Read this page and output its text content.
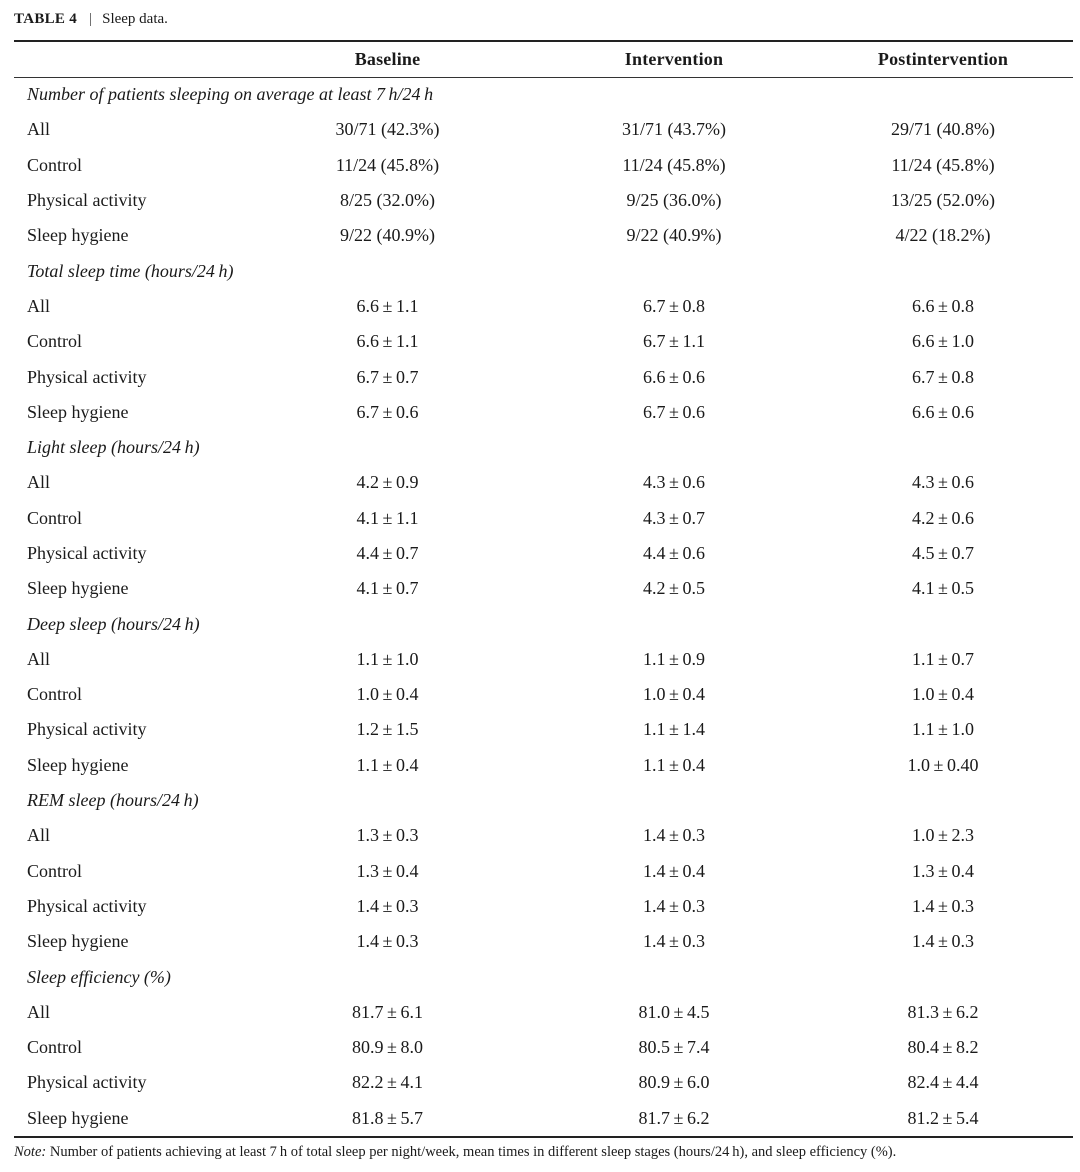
TABLE 4 | Sleep data.
	Baseline	Intervention	Postintervention
Number of patients sleeping on average at least 7 h/24 h			
All	30/71 (42.3%)	31/71 (43.7%)	29/71 (40.8%)
Control	11/24 (45.8%)	11/24 (45.8%)	11/24 (45.8%)
Physical activity	8/25 (32.0%)	9/25 (36.0%)	13/25 (52.0%)
Sleep hygiene	9/22 (40.9%)	9/22 (40.9%)	4/22 (18.2%)
Total sleep time (hours/24 h)			
All	6.6 ± 1.1	6.7 ± 0.8	6.6 ± 0.8
Control	6.6 ± 1.1	6.7 ± 1.1	6.6 ± 1.0
Physical activity	6.7 ± 0.7	6.6 ± 0.6	6.7 ± 0.8
Sleep hygiene	6.7 ± 0.6	6.7 ± 0.6	6.6 ± 0.6
Light sleep (hours/24 h)			
All	4.2 ± 0.9	4.3 ± 0.6	4.3 ± 0.6
Control	4.1 ± 1.1	4.3 ± 0.7	4.2 ± 0.6
Physical activity	4.4 ± 0.7	4.4 ± 0.6	4.5 ± 0.7
Sleep hygiene	4.1 ± 0.7	4.2 ± 0.5	4.1 ± 0.5
Deep sleep (hours/24 h)			
All	1.1 ± 1.0	1.1 ± 0.9	1.1 ± 0.7
Control	1.0 ± 0.4	1.0 ± 0.4	1.0 ± 0.4
Physical activity	1.2 ± 1.5	1.1 ± 1.4	1.1 ± 1.0
Sleep hygiene	1.1 ± 0.4	1.1 ± 0.4	1.0 ± 0.40
REM sleep (hours/24 h)			
All	1.3 ± 0.3	1.4 ± 0.3	1.0 ± 2.3
Control	1.3 ± 0.4	1.4 ± 0.4	1.3 ± 0.4
Physical activity	1.4 ± 0.3	1.4 ± 0.3	1.4 ± 0.3
Sleep hygiene	1.4 ± 0.3	1.4 ± 0.3	1.4 ± 0.3
Sleep efficiency (%)			
All	81.7 ± 6.1	81.0 ± 4.5	81.3 ± 6.2
Control	80.9 ± 8.0	80.5 ± 7.4	80.4 ± 8.2
Physical activity	82.2 ± 4.1	80.9 ± 6.0	82.4 ± 4.4
Sleep hygiene	81.8 ± 5.7	81.7 ± 6.2	81.2 ± 5.4
Note: Number of patients achieving at least 7 h of total sleep per night/week, mean times in different sleep stages (hours/24 h), and sleep efficiency (%).
